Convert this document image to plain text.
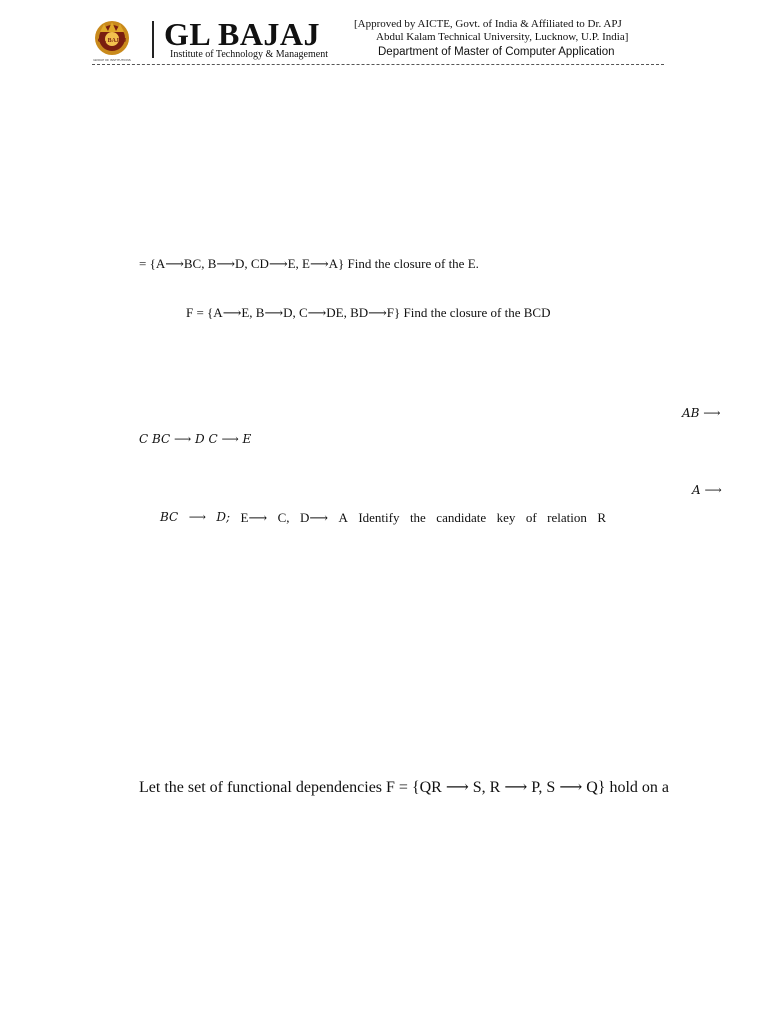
GL BAJAJ
GROUP OF INSTITUTIONS
GL BAJAJ
Institute of Technology & Management
[Approved by AICTE, Govt. of India & Affiliated to Dr. APJ
Abdul Kalam Technical University, Lucknow, U.P. India]
Department of Master of Computer Application
= {A⟶BC, B⟶D, CD⟶E, E⟶A} Find the closure of the E.
F = {A⟶E, B⟶D, C⟶DE, BD⟶F} Find the closure of the BCD
AB ⟶
C BC ⟶ D C ⟶ E
A ⟶
BC ⟶ D; E⟶ C, D⟶ A Identify the candidate key of relation R
Let the set of functional dependencies F = {QR ⟶ S, R ⟶ P, S ⟶ Q} hold on a
